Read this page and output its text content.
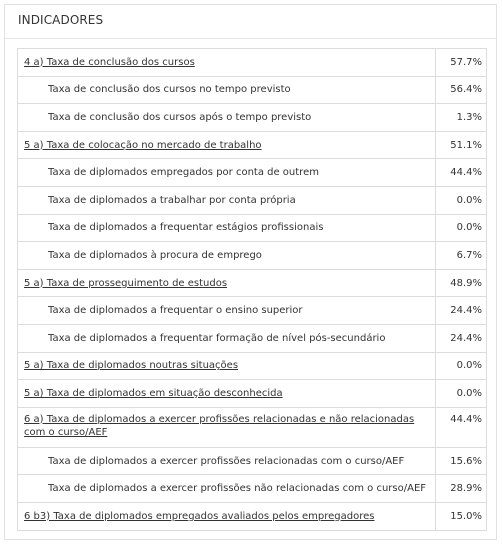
INDICADORES
4 a) Taxa de conclusão dos cursos	57.7%
Taxa de conclusão dos cursos no tempo previsto	56.4%
Taxa de conclusão dos cursos após o tempo previsto	1.3%
5 a) Taxa de colocação no mercado de trabalho	51.1%
Taxa de diplomados empregados por conta de outrem	44.4%
Taxa de diplomados a trabalhar por conta própria	0.0%
Taxa de diplomados a frequentar estágios profissionais	0.0%
Taxa de diplomados à procura de emprego	6.7%
5 a) Taxa de prosseguimento de estudos	48.9%
Taxa de diplomados a frequentar o ensino superior	24.4%
Taxa de diplomados a frequentar formação de nível pós-secundário	24.4%
5 a) Taxa de diplomados noutras situações	0.0%
5 a) Taxa de diplomados em situação desconhecida	0.0%
6 a) Taxa de diplomados a exercer profissões relacionadas e não relacionadas com o curso/AEF	44.4%
Taxa de diplomados a exercer profissões relacionadas com o curso/AEF	15.6%
Taxa de diplomados a exercer profissões não relacionadas com o curso/AEF	28.9%
6 b3) Taxa de diplomados empregados avaliados pelos empregadores	15.0%
